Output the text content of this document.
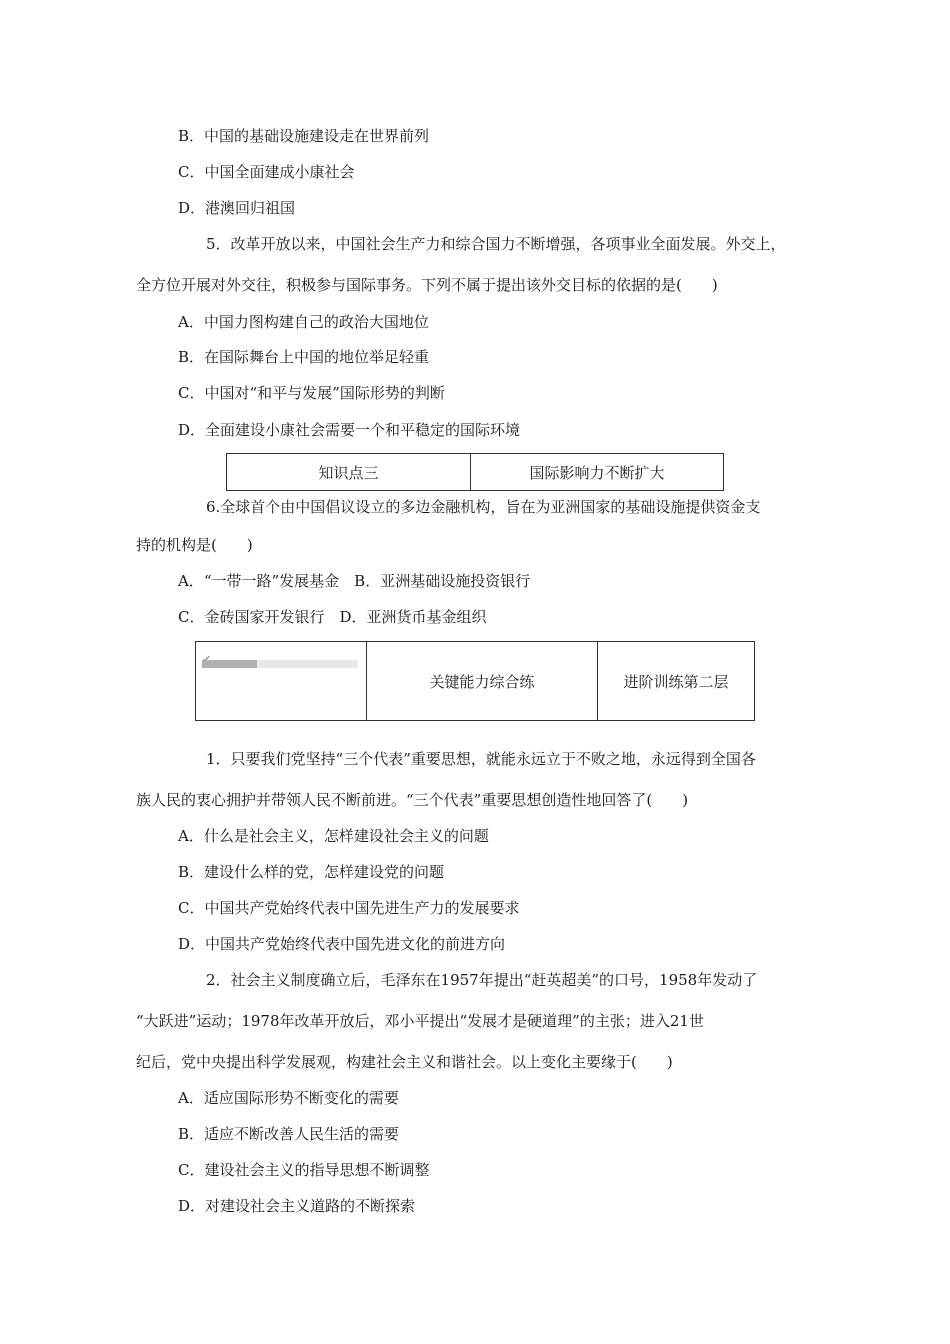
B．中国的基础设施建设走在世界前列
C．中国全面建成小康社会
D．港澳回归祖国
5．改革开放以来，中国社会生产力和综合国力不断增强，各项事业全面发展。外交上，
全方位开展对外交往，积极参与国际事务。下列不属于提出该外交目标的依据的是(　　)
A．中国力图构建自己的政治大国地位
B．在国际舞台上中国的地位举足轻重
C．中国对“和平与发展”国际形势的判断
D．全面建设小康社会需要一个和平稳定的国际环境
知识点三	国际影响力不断扩大
6.全球首个由中国倡议设立的多边金融机构，旨在为亚洲国家的基础设施提供资金支
持的机构是(　　)
A．“一带一路”发展基金　B．亚洲基础设施投资银行
C．金砖国家开发银行　D．亚洲货币基金组织
	关键能力综合练	进阶训练第二层
1．只要我们党坚持“三个代表”重要思想，就能永远立于不败之地，永远得到全国各
族人民的衷心拥护并带领人民不断前进。“三个代表”重要思想创造性地回答了(　　)
A．什么是社会主义，怎样建设社会主义的问题
B．建设什么样的党，怎样建设党的问题
C．中国共产党始终代表中国先进生产力的发展要求
D．中国共产党始终代表中国先进文化的前进方向
2．社会主义制度确立后，毛泽东在1957年提出“赶英超美”的口号，1958年发动了
“大跃进”运动；1978年改革开放后，邓小平提出“发展才是硬道理”的主张；进入21世
纪后，党中央提出科学发展观，构建社会主义和谐社会。以上变化主要缘于(　　)
A．适应国际形势不断变化的需要
B．适应不断改善人民生活的需要
C．建设社会主义的指导思想不断调整
D．对建设社会主义道路的不断探索
